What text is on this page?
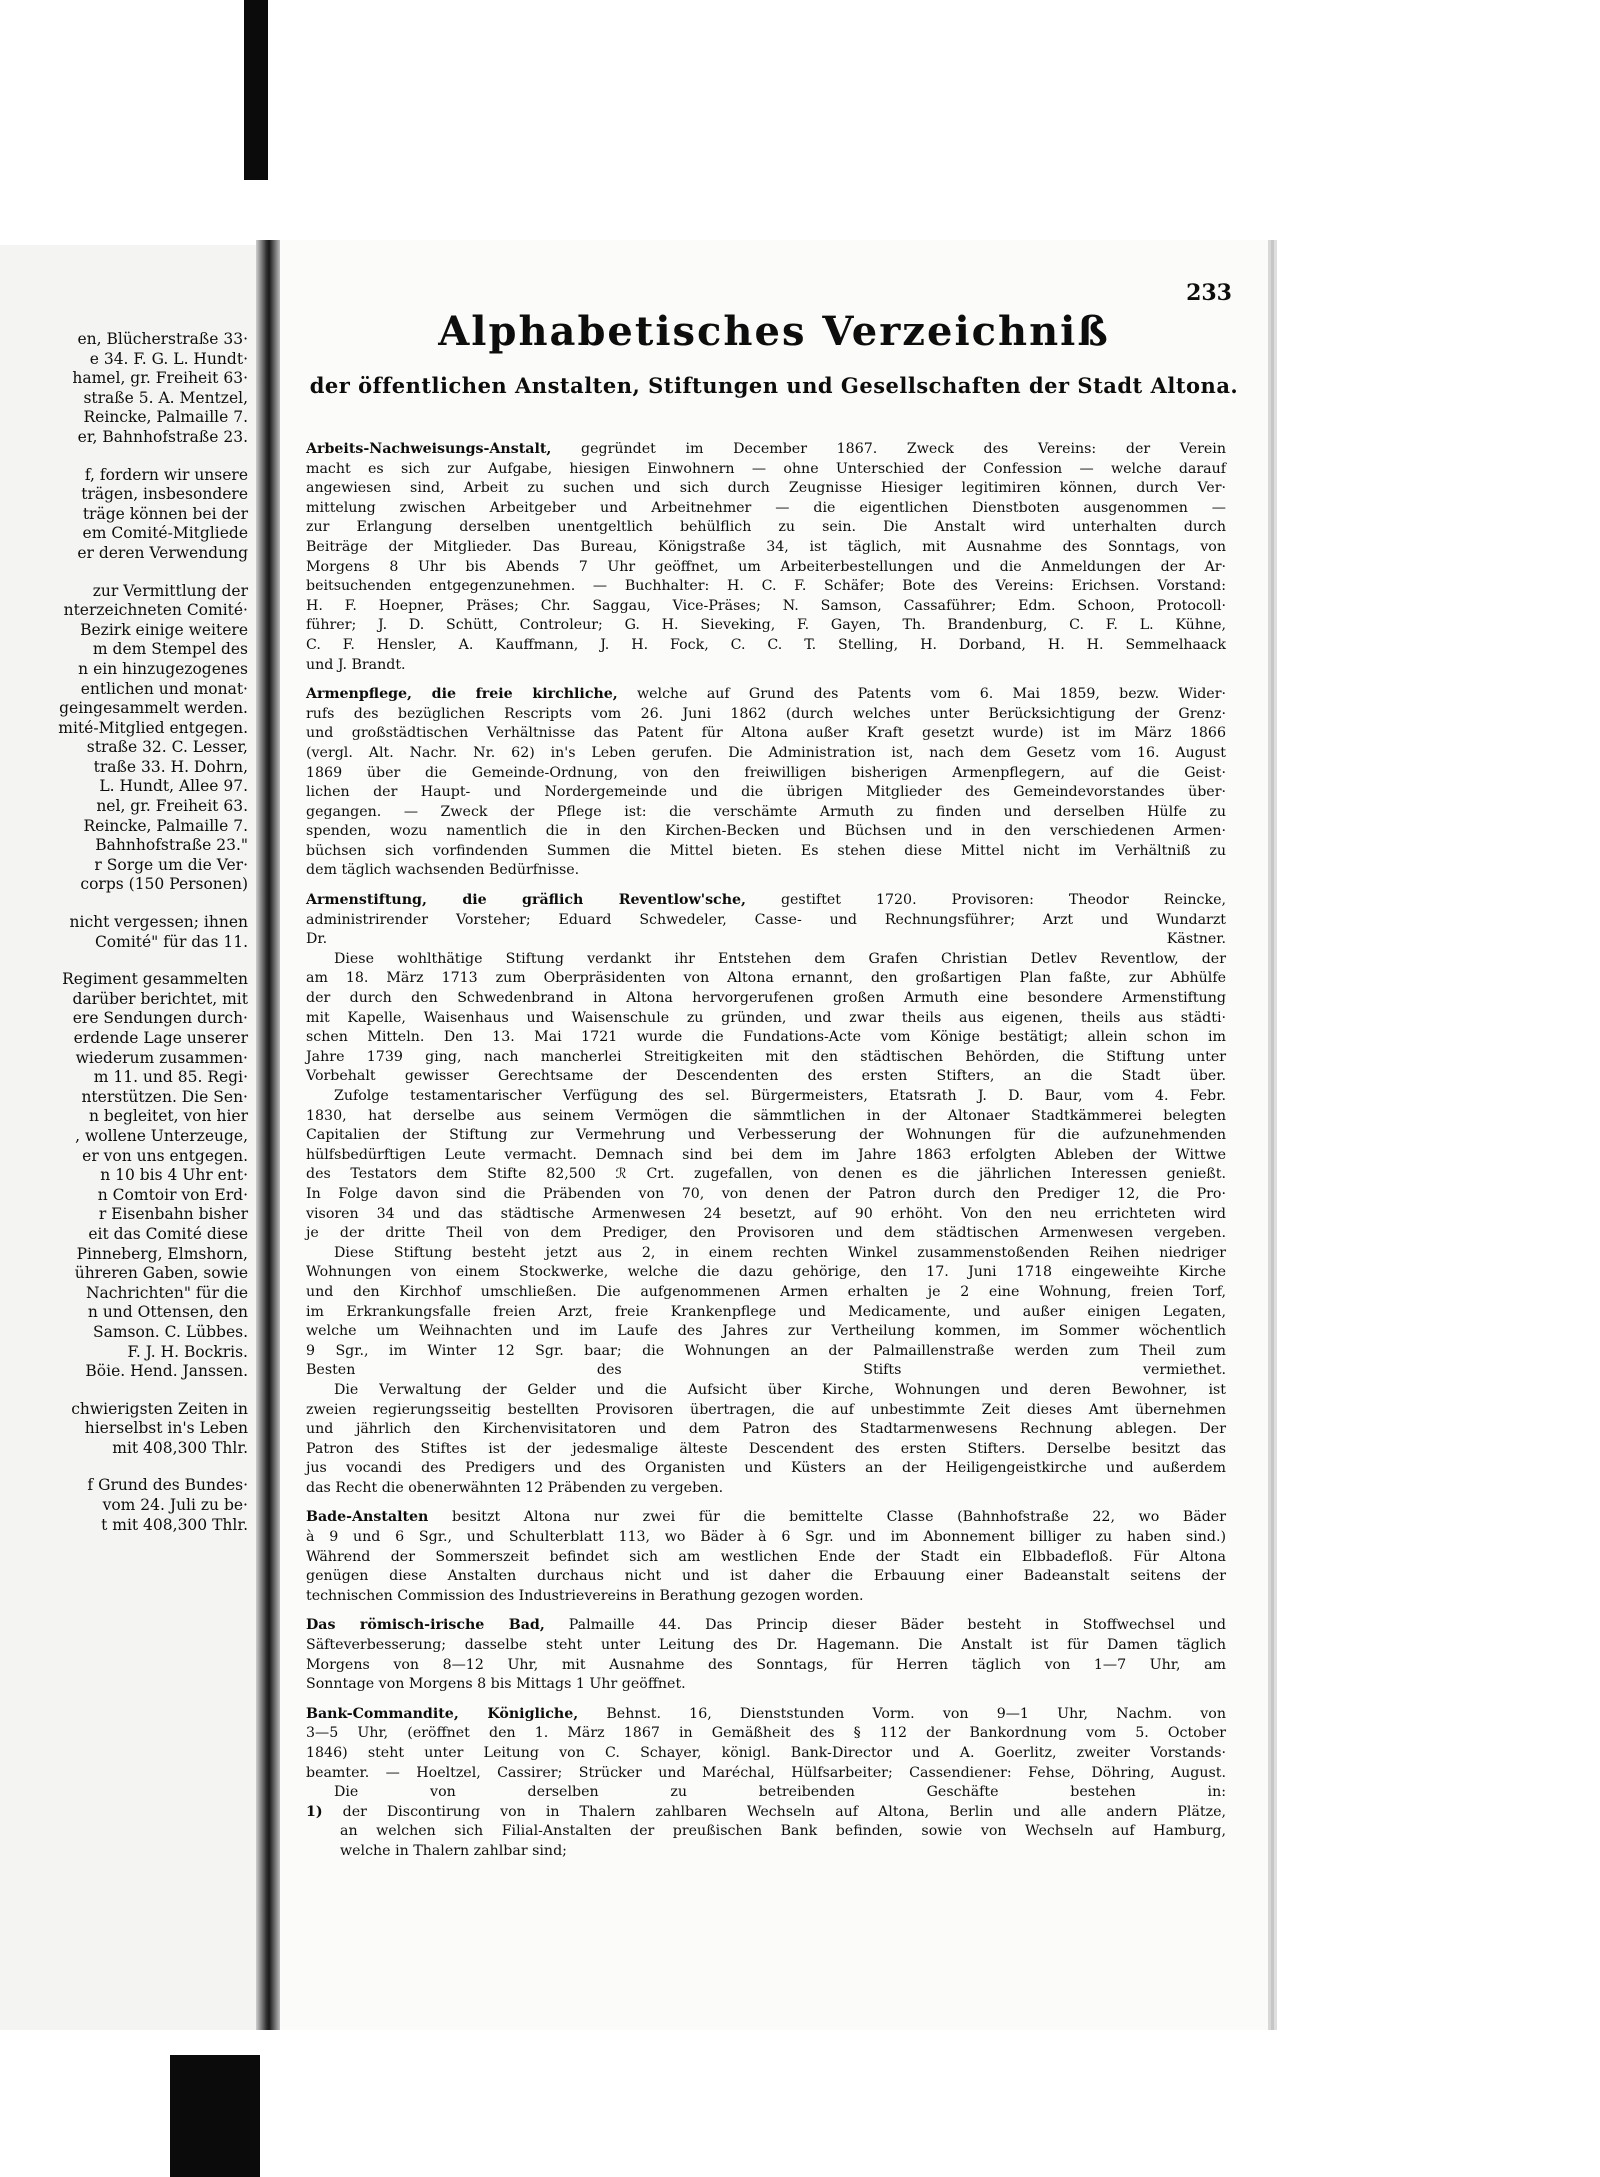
en, Blücherstraße 33·
e 34. F. G. L. Hundt·
hamel, gr. Freiheit 63·
straße 5. A. Mentzel,
Reincke, Palmaille 7.
er, Bahnhofstraße 23.
f, fordern wir unsere
trägen, insbesondere
träge können bei der
em Comité-Mitgliede
er deren Verwendung
zur Vermittlung der
nterzeichneten Comité·
Bezirk einige weitere
m dem Stempel des
n ein hinzugezogenes
entlichen und monat·
geingesammelt werden.
mité-Mitglied entgegen.
straße 32. C. Lesser,
traße 33. H. Dohrn,
L. Hundt, Allee 97.
nel, gr. Freiheit 63.
Reincke, Palmaille 7.
Bahnhofstraße 23."
r Sorge um die Ver·
corps (150 Personen)
nicht vergessen; ihnen
Comité" für das 11.
Regiment gesammelten
darüber berichtet, mit
ere Sendungen durch·
erdende Lage unserer
wiederum zusammen·
m 11. und 85. Regi·
nterstützen. Die Sen·
n begleitet, von hier
, wollene Unterzeuge,
er von uns entgegen.
n 10 bis 4 Uhr ent·
n Comtoir von Erd·
r Eisenbahn bisher
eit das Comité diese
Pinneberg, Elmshorn,
ühreren Gaben, sowie
Nachrichten" für die
n und Ottensen, den
Samson. C. Lübbes.
F. J. H. Bockris.
Böie. Hend. Janssen.
chwierigsten Zeiten in
hierselbst in's Leben
mit 408,300 Thlr.
f Grund des Bundes·
vom 24. Juli zu be·
t mit 408,300 Thlr.
233
Alphabetisches Verzeichniß
der öffentlichen Anstalten, Stiftungen und Gesellschaften der Stadt Altona.

Arbeits-Nachweisungs-Anstalt, gegründet im December 1867. Zweck des Vereins: der Verein

macht es sich zur Aufgabe, hiesigen Einwohnern — ohne Unterschied der Confession — welche darauf

angewiesen sind, Arbeit zu suchen und sich durch Zeugnisse Hiesiger legitimiren können, durch Ver·

mittelung zwischen Arbeitgeber und Arbeitnehmer — die eigentlichen Dienstboten ausgenommen —

zur Erlangung derselben unentgeltlich behülflich zu sein. Die Anstalt wird unterhalten durch

Beiträge der Mitglieder. Das Bureau, Königstraße 34, ist täglich, mit Ausnahme des Sonntags, von

Morgens 8 Uhr bis Abends 7 Uhr geöffnet, um Arbeiterbestellungen und die Anmeldungen der Ar·

beitsuchenden entgegenzunehmen. — Buchhalter: H. C. F. Schäfer; Bote des Vereins: Erichsen. Vorstand:

H. F. Hoepner, Präses; Chr. Saggau, Vice-Präses; N. Samson, Cassaführer; Edm. Schoon, Protocoll·

führer; J. D. Schütt, Controleur; G. H. Sieveking, F. Gayen, Th. Brandenburg, C. F. L. Kühne,

C. F. Hensler, A. Kauffmann, J. H. Fock, C. C. T. Stelling, H. Dorband, H. H. Semmelhaack

und J. Brandt.

Armenpflege, die freie kirchliche, welche auf Grund des Patents vom 6. Mai 1859, bezw. Wider·

rufs des bezüglichen Rescripts vom 26. Juni 1862 (durch welches unter Berücksichtigung der Grenz·

und großstädtischen Verhältnisse das Patent für Altona außer Kraft gesetzt wurde) ist im März 1866

(vergl. Alt. Nachr. Nr. 62) in's Leben gerufen. Die Administration ist, nach dem Gesetz vom 16. August

1869 über die Gemeinde-Ordnung, von den freiwilligen bisherigen Armenpflegern, auf die Geist·

lichen der Haupt- und Nordergemeinde und die übrigen Mitglieder des Gemeindevorstandes über·

gegangen. — Zweck der Pflege ist: die verschämte Armuth zu finden und derselben Hülfe zu

spenden, wozu namentlich die in den Kirchen-Becken und Büchsen und in den verschiedenen Armen·

büchsen sich vorfindenden Summen die Mittel bieten. Es stehen diese Mittel nicht im Verhältniß zu

dem täglich wachsenden Bedürfnisse.

Armenstiftung, die gräflich Reventlow'sche, gestiftet 1720. Provisoren: Theodor Reincke,

administrirender Vorsteher; Eduard Schwedeler, Casse- und Rechnungsführer; Arzt und Wundarzt

Dr. Kästner.

Diese wohlthätige Stiftung verdankt ihr Entstehen dem Grafen Christian Detlev Reventlow, der

am 18. März 1713 zum Oberpräsidenten von Altona ernannt, den großartigen Plan faßte, zur Abhülfe

der durch den Schwedenbrand in Altona hervorgerufenen großen Armuth eine besondere Armenstiftung

mit Kapelle, Waisenhaus und Waisenschule zu gründen, und zwar theils aus eigenen, theils aus städti·

schen Mitteln. Den 13. Mai 1721 wurde die Fundations-Acte vom Könige bestätigt; allein schon im

Jahre 1739 ging, nach mancherlei Streitigkeiten mit den städtischen Behörden, die Stiftung unter

Vorbehalt gewisser Gerechtsame der Descendenten des ersten Stifters, an die Stadt über.

Zufolge testamentarischer Verfügung des sel. Bürgermeisters, Etatsrath J. D. Baur, vom 4. Febr.

1830, hat derselbe aus seinem Vermögen die sämmtlichen in der Altonaer Stadtkämmerei belegten

Capitalien der Stiftung zur Vermehrung und Verbesserung der Wohnungen für die aufzunehmenden

hülfsbedürftigen Leute vermacht. Demnach sind bei dem im Jahre 1863 erfolgten Ableben der Wittwe

des Testators dem Stifte 82,500 ℛ Crt. zugefallen, von denen es die jährlichen Interessen genießt.

In Folge davon sind die Präbenden von 70, von denen der Patron durch den Prediger 12, die Pro·

visoren 34 und das städtische Armenwesen 24 besetzt, auf 90 erhöht. Von den neu errichteten wird

je der dritte Theil von dem Prediger, den Provisoren und dem städtischen Armenwesen vergeben.

Diese Stiftung besteht jetzt aus 2, in einem rechten Winkel zusammenstoßenden Reihen niedriger

Wohnungen von einem Stockwerke, welche die dazu gehörige, den 17. Juni 1718 eingeweihte Kirche

und den Kirchhof umschließen. Die aufgenommenen Armen erhalten je 2 eine Wohnung, freien Torf,

im Erkrankungsfalle freien Arzt, freie Krankenpflege und Medicamente, und außer einigen Legaten,

welche um Weihnachten und im Laufe des Jahres zur Vertheilung kommen, im Sommer wöchentlich

9 Sgr., im Winter 12 Sgr. baar; die Wohnungen an der Palmaillenstraße werden zum Theil zum

Besten des Stifts vermiethet.

Die Verwaltung der Gelder und die Aufsicht über Kirche, Wohnungen und deren Bewohner, ist

zweien regierungsseitig bestellten Provisoren übertragen, die auf unbestimmte Zeit dieses Amt übernehmen

und jährlich den Kirchenvisitatoren und dem Patron des Stadtarmenwesens Rechnung ablegen. Der

Patron des Stiftes ist der jedesmalige älteste Descendent des ersten Stifters. Derselbe besitzt das

jus vocandi des Predigers und des Organisten und Küsters an der Heiligengeistkirche und außerdem

das Recht die obenerwähnten 12 Präbenden zu vergeben.

Bade-Anstalten besitzt Altona nur zwei für die bemittelte Classe (Bahnhofstraße 22, wo Bäder

à 9 und 6 Sgr., und Schulterblatt 113, wo Bäder à 6 Sgr. und im Abonnement billiger zu haben sind.)

Während der Sommerszeit befindet sich am westlichen Ende der Stadt ein Elbbadefloß. Für Altona

genügen diese Anstalten durchaus nicht und ist daher die Erbauung einer Badeanstalt seitens der

technischen Commission des Industrievereins in Berathung gezogen worden.

Das römisch-irische Bad, Palmaille 44. Das Princip dieser Bäder besteht in Stoffwechsel und

Säfteverbesserung; dasselbe steht unter Leitung des Dr. Hagemann. Die Anstalt ist für Damen täglich

Morgens von 8—12 Uhr, mit Ausnahme des Sonntags, für Herren täglich von 1—7 Uhr, am

Sonntage von Morgens 8 bis Mittags 1 Uhr geöffnet.

Bank-Commandite, Königliche, Behnst. 16, Dienststunden Vorm. von 9—1 Uhr, Nachm. von

3—5 Uhr, (eröffnet den 1. März 1867 in Gemäßheit des § 112 der Bankordnung vom 5. October

1846) steht unter Leitung von C. Schayer, königl. Bank-Director und A. Goerlitz, zweiter Vorstands·

beamter. — Hoeltzel, Cassirer; Strücker und Maréchal, Hülfsarbeiter; Cassendiener: Fehse, Döhring, August.

Die von derselben zu betreibenden Geschäfte bestehen in:

1) der Discontirung von in Thalern zahlbaren Wechseln auf Altona, Berlin und alle andern Plätze,

an welchen sich Filial-Anstalten der preußischen Bank befinden, sowie von Wechseln auf Hamburg,

welche in Thalern zahlbar sind;
